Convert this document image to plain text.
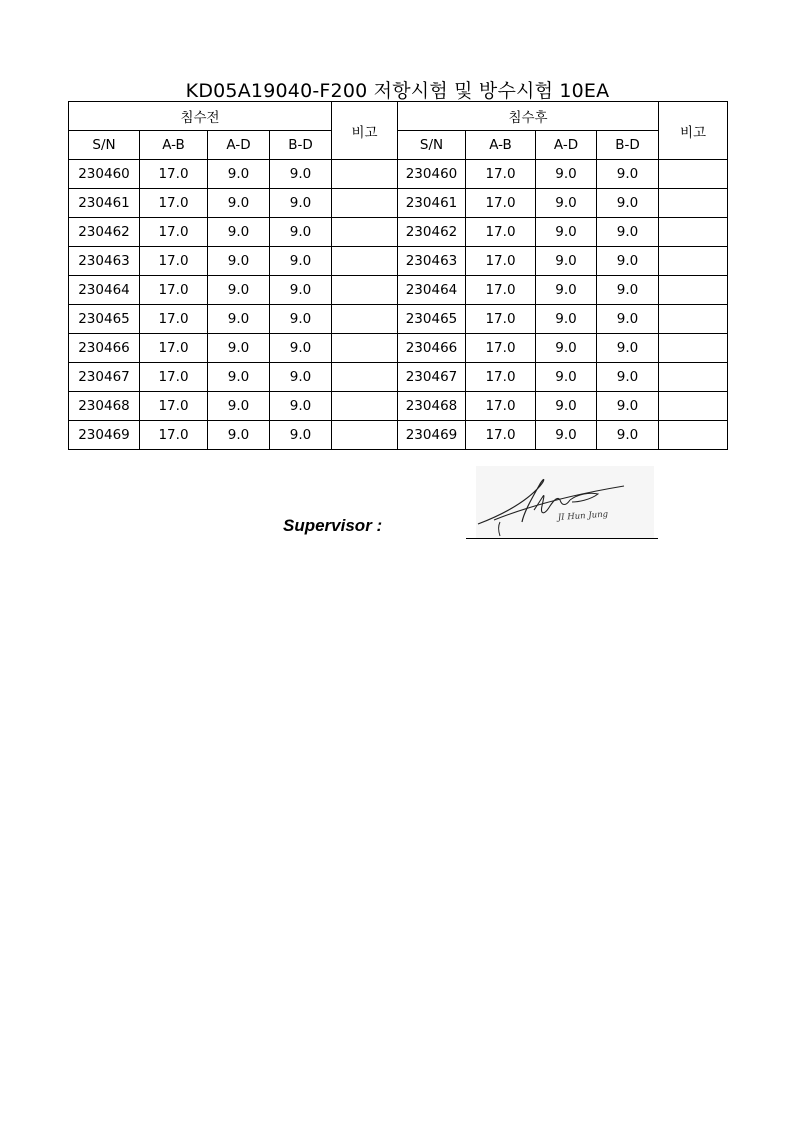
KD05A19040-F200 저항시험 및 방수시험 10EA
침수전				비고	침수후				비고
S/N	A-B	A-D	B-D		S/N	A-B	A-D	B-D	
230460	17.0	9.0	9.0		230460	17.0	9.0	9.0	
230461	17.0	9.0	9.0		230461	17.0	9.0	9.0	
230462	17.0	9.0	9.0		230462	17.0	9.0	9.0	
230463	17.0	9.0	9.0		230463	17.0	9.0	9.0	
230464	17.0	9.0	9.0		230464	17.0	9.0	9.0	
230465	17.0	9.0	9.0		230465	17.0	9.0	9.0	
230466	17.0	9.0	9.0		230466	17.0	9.0	9.0	
230467	17.0	9.0	9.0		230467	17.0	9.0	9.0	
230468	17.0	9.0	9.0		230468	17.0	9.0	9.0	
230469	17.0	9.0	9.0		230469	17.0	9.0	9.0	
Supervisor :	JI Hun Jung
